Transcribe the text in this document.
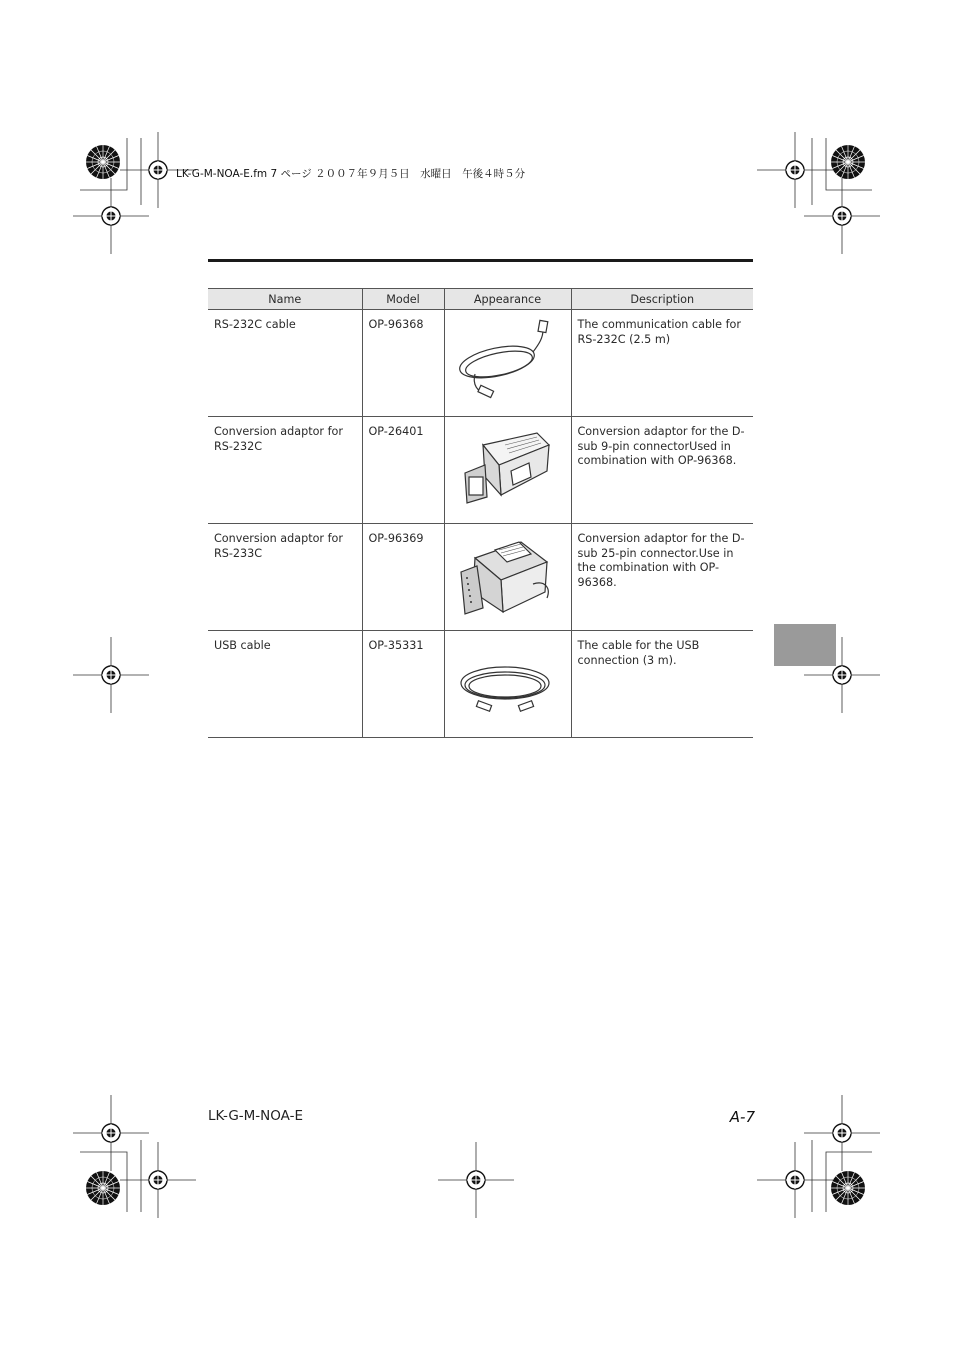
LK-G-M-NOA-E.fm 7 ページ ２００７年９月５日　水曜日　午後４時５分
Name	Model	Appearance	Description
RS-232C cable	OP-96368		The communication cable for RS-232C (2.5 m)
Conversion adaptor for RS-232C	OP-26401		Conversion adaptor for the D-sub 9-pin connectorUsed in combination with OP-96368.
Conversion adaptor for RS-233C	OP-96369		Conversion adaptor for the D-sub 25-pin connector.Use in the combination with OP-96368.
USB cable	OP-35331		The cable for the USB connection (3 m).
LK-G-M-NOA-E	A-7
